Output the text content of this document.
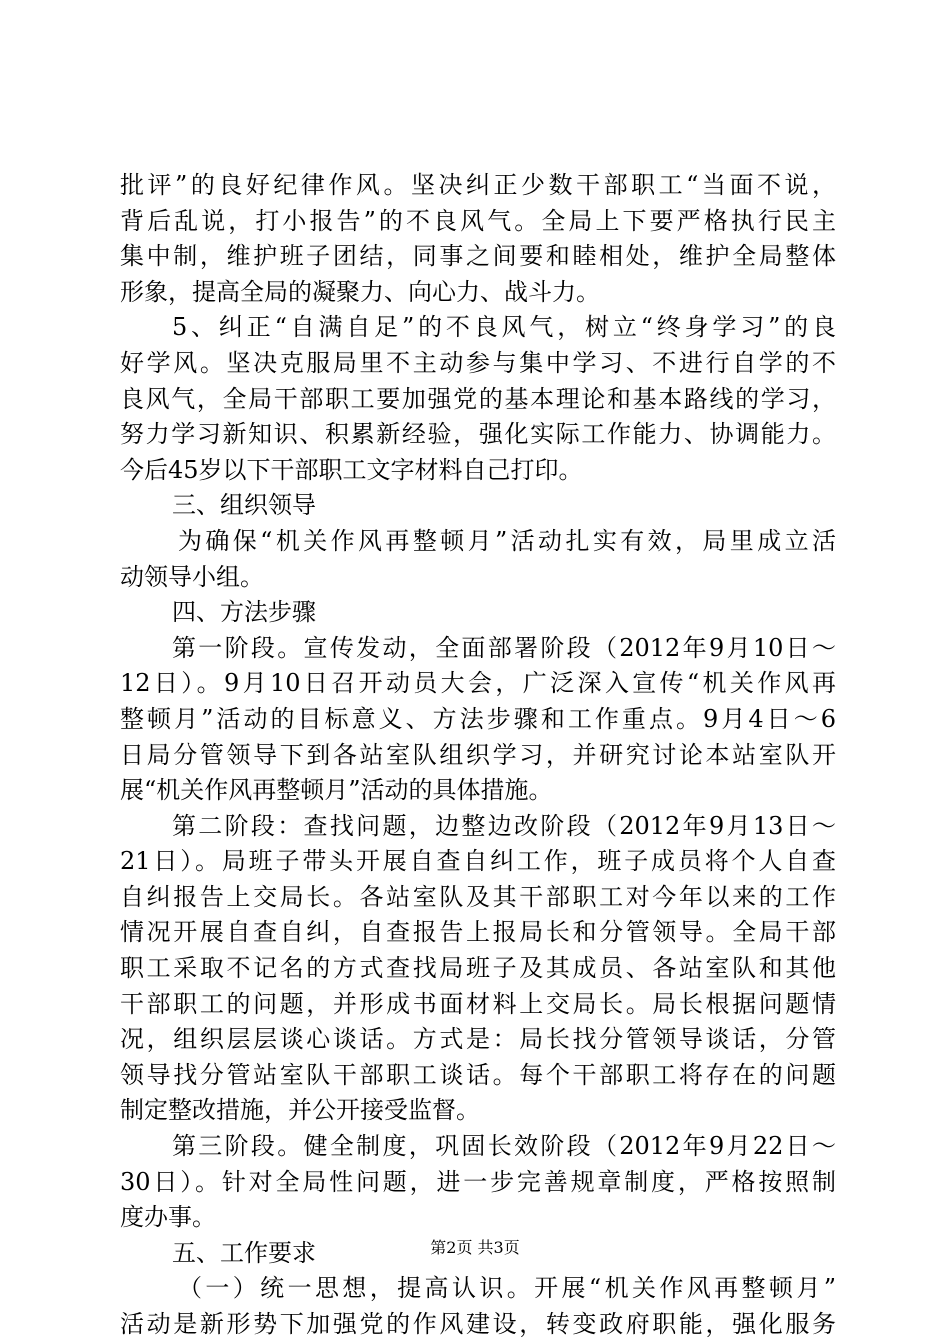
批评”的良好纪律作风。坚决纠正少数干部职工“当面不说，
背后乱说，打小报告”的不良风气。全局上下要严格执行民主
集中制，维护班子团结，同事之间要和睦相处，维护全局整体
形象，提高全局的凝聚力、向心力、战斗力。
5、纠正“自满自足”的不良风气，树立“终身学习”的良
好学风。坚决克服局里不主动参与集中学习、不进行自学的不
良风气，全局干部职工要加强党的基本理论和基本路线的学习，
努力学习新知识、积累新经验，强化实际工作能力、协调能力。
今后45岁以下干部职工文字材料自己打印。
三、组织领导
为确保“机关作风再整顿月”活动扎实有效，局里成立活
动领导小组。
四、方法步骤
第一阶段。宣传发动，全面部署阶段（2012年9月10日～
12日）。9月10日召开动员大会，广泛深入宣传“机关作风再
整顿月”活动的目标意义、方法步骤和工作重点。9月4日～6
日局分管领导下到各站室队组织学习，并研究讨论本站室队开
展“机关作风再整顿月”活动的具体措施。
第二阶段：查找问题，边整边改阶段（2012年9月13日～
21日）。局班子带头开展自查自纠工作，班子成员将个人自查
自纠报告上交局长。各站室队及其干部职工对今年以来的工作
情况开展自查自纠，自查报告上报局长和分管领导。全局干部
职工采取不记名的方式查找局班子及其成员、各站室队和其他
干部职工的问题，并形成书面材料上交局长。局长根据问题情
况，组织层层谈心谈话。方式是：局长找分管领导谈话，分管
领导找分管站室队干部职工谈话。每个干部职工将存在的问题
制定整改措施，并公开接受监督。
第三阶段。健全制度，巩固长效阶段（2012年9月22日～
30日）。针对全局性问题，进一步完善规章制度，严格按照制
度办事。
五、工作要求
（一）统一思想，提高认识。开展“机关作风再整顿月”
活动是新形势下加强党的作风建设，转变政府职能，强化服务
第2页 共3页
